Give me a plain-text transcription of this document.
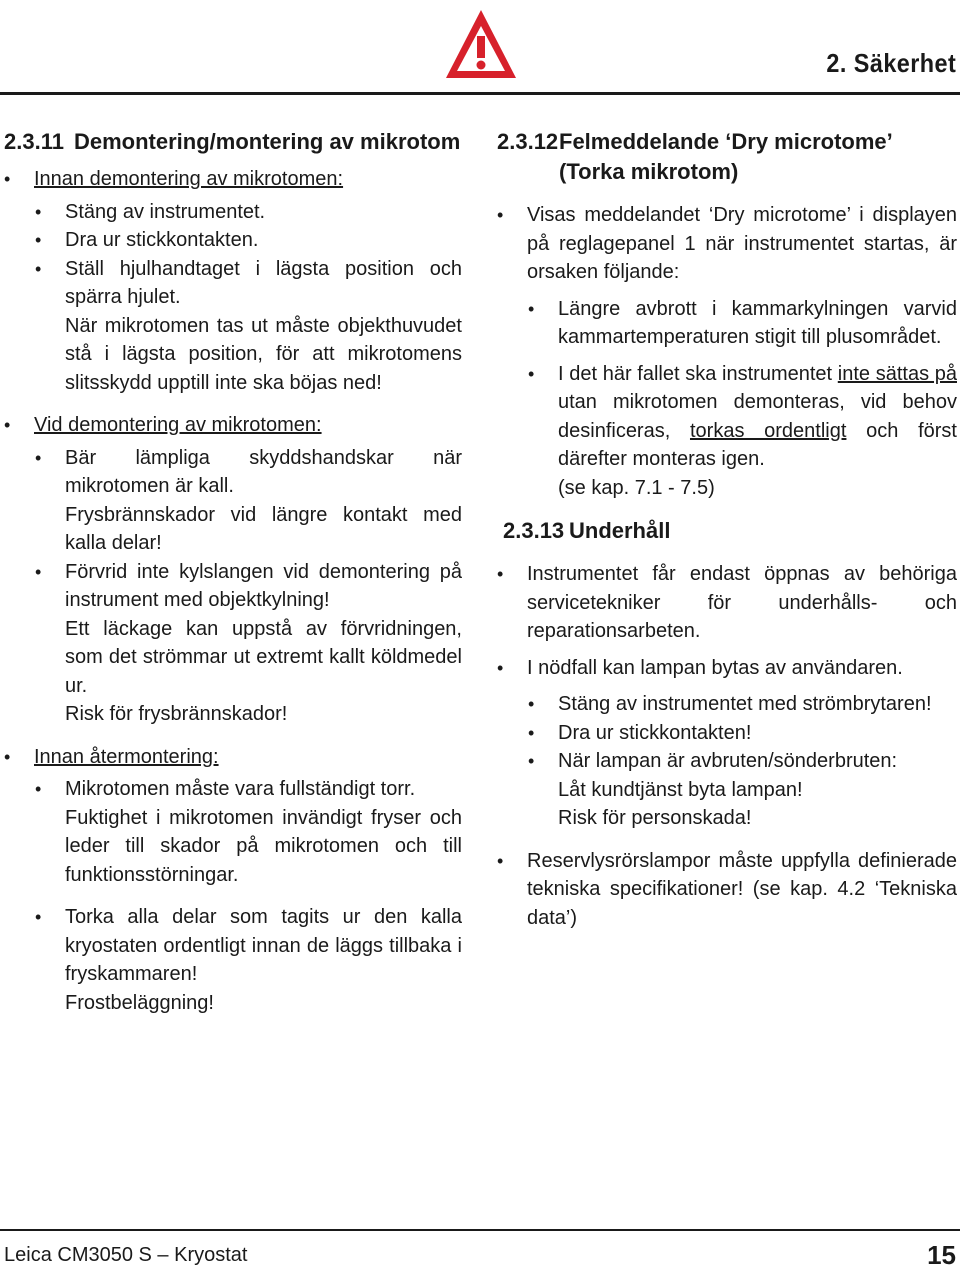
2. Säkerhet
2.3.11 Demontering/montering av mikrotom
•	Innan demontering av mikrotomen:
•	Stäng av instrumentet.
•	Dra ur stickkontakten.
•	Ställ hjulhandtaget i lägsta position och spärra hjulet.
När mikrotomen tas ut måste objekthuvudet stå i lägsta position, för att mikrotomens slitsskydd upptill inte ska böjas ned!
•	Vid demontering av mikrotomen:
•	Bär lämpliga skyddshandskar när mikrotomen är kall.
Frysbrännskador vid längre kontakt med kalla delar!
•	Förvrid inte kylslangen vid demontering på instrument med objektkylning!
Ett läckage kan uppstå av förvridningen, som det strömmar ut extremt kallt köldmedel ur.
Risk för frysbrännskador!
•	Innan återmontering:
•	Mikrotomen måste vara fullständigt torr.
Fuktighet i mikrotomen invändigt fryser och leder till skador på mikrotomen och till funktionsstörningar.
•	Torka alla delar som tagits ur den kalla kryostaten ordentligt innan de läggs tillbaka i fryskammaren!
Frostbeläggning!
2.3.12 Felmeddelande ‘Dry microtome’
(Torka mikrotom)
•	Visas meddelandet ‘Dry microtome’ i displayen på reglagepanel 1 när instrumentet startas, är orsaken följande:
•	Längre avbrott i kammarkylningen varvid kammartemperaturen stigit till plusområdet.
•	I det här fallet ska instrumentet inte sättas på utan mikrotomen demonteras, vid behov desinficeras, torkas ordentligt och först därefter monteras igen.
(se kap. 7.1 - 7.5)
2.3.13 Underhåll
•	Instrumentet får endast öppnas av behöriga servicetekniker för underhålls- och reparationsarbeten.
•	I nödfall kan lampan bytas av användaren.
•	Stäng av instrumentet med strömbrytaren!
•	Dra ur stickkontakten!
•	När lampan är avbruten/sönderbruten:
Låt kundtjänst byta lampan!
Risk för personskada!
•	Reservlysrörslampor måste uppfylla definierade tekniska specifikationer! (se kap. 4.2 ‘Tekniska data’)
Leica CM3050 S – Kryostat	15
